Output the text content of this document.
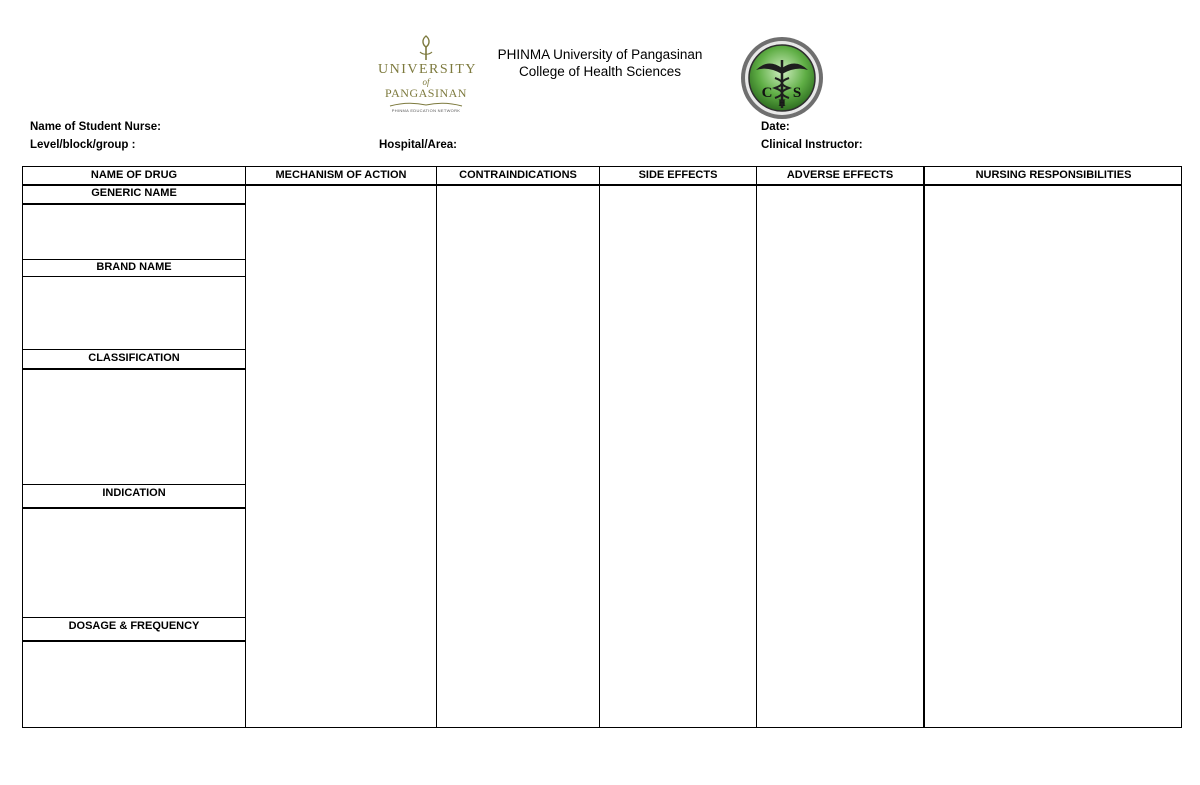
UNIVERSITY
of
PANGASINAN
PHINMA EDUCATION NETWORK
PHINMA University of Pangasinan
College of Health Sciences
C S
H
Name of Student Nurse:
Level/block/group :	Hospital/Area:
Date:
Clinical Instructor:
NAME OF DRUG	MECHANISM OF ACTION	CONTRAINDICATIONS	SIDE EFFECTS	ADVERSE EFFECTS	NURSING RESPONSIBILITIES
GENERIC NAME
BRAND NAME
CLASSIFICATION
INDICATION
DOSAGE & FREQUENCY
